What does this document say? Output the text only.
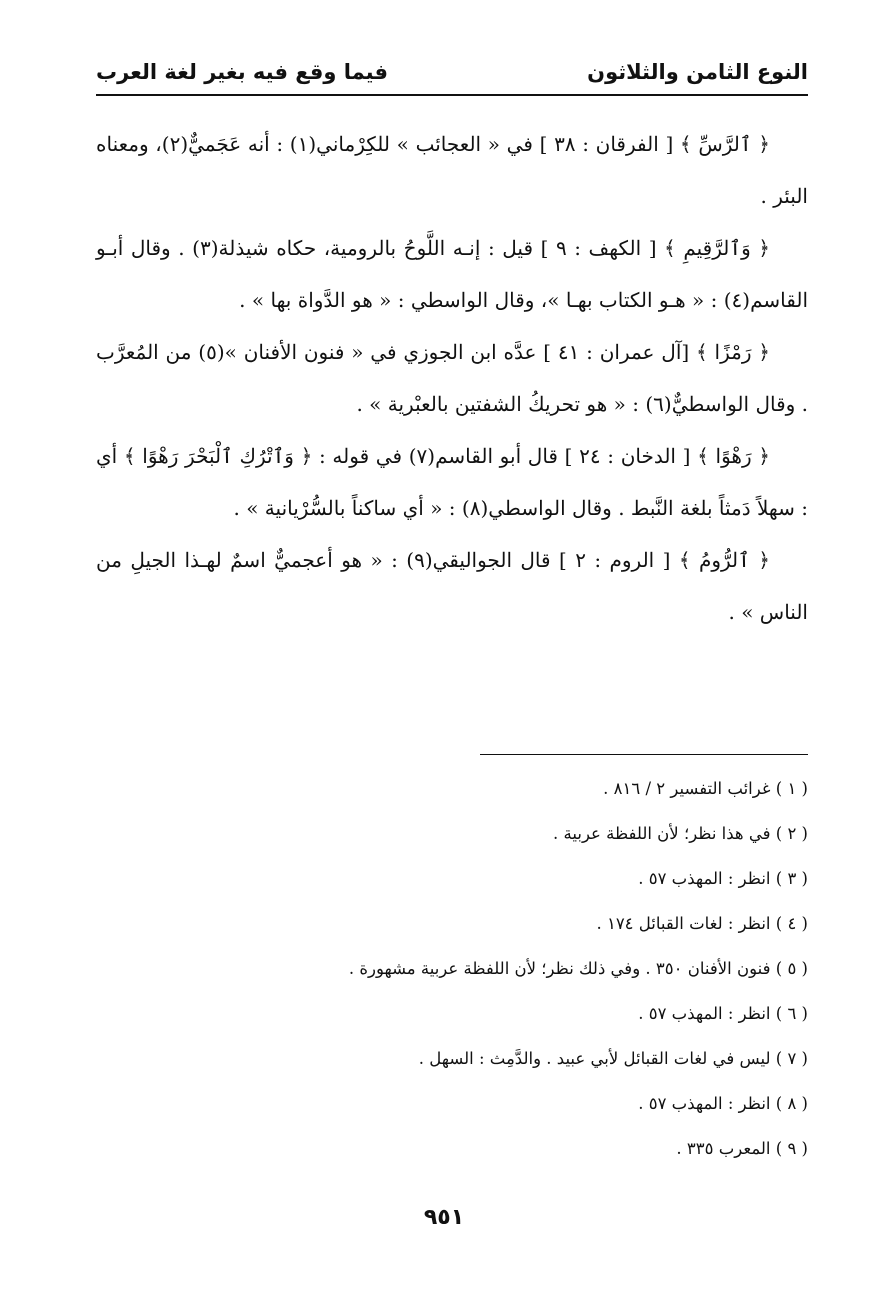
النوع الثامن والثلاثون
فيما وقع فيه بغير لغة العرب

﴿ ٱلرَّسِّ ﴾ [ الفرقان : ٣٨ ] في « العجائب » للكِرْماني(١) : أنه عَجَميٌّ(٢)، ومعناه البئر .

﴿ وَٱلرَّقِيمِ ﴾ [ الكهف : ٩ ] قيل : إنـه اللَّوحُ بالرومية، حكاه شيذلة(٣) . وقال أبـو القاسم(٤) : « هـو الكتاب بهـا »، وقال الواسطي : « هو الدَّواة بها » .

﴿ رَمْزًا ﴾ [آل عمران : ٤١ ] عدَّه ابن الجوزي في « فنون الأفنان »(٥) من المُعرَّب . وقال الواسطيٌّ(٦) : « هو تحريكُ الشفتين بالعبْرية » .

﴿ رَهْوًا ﴾ [ الدخان : ٢٤ ] قال أبو القاسم(٧) في قوله : ﴿ وَٱتْرُكِ ٱلْبَحْرَ رَهْوًا ﴾ أي : سهلاً دَمثاً بلغة النَّبط . وقال الواسطي(٨) : « أي ساكناً بالسُّرْيانية » .

﴿ ٱلرُّومُ ﴾ [ الروم : ٢ ] قال الجواليقي(٩) : « هو أعجميٌّ اسمٌ لهـذا الجيلِ من الناس » .

( ١ ) غرائب التفسير ٢ / ٨١٦ .

( ٢ ) في هذا نظر؛ لأن اللفظة عربية .

( ٣ ) انظر : المهذب ٥٧ .

( ٤ ) انظر : لغات القبائل ١٧٤ .

( ٥ ) فنون الأفنان ٣٥٠ . وفي ذلك نظر؛ لأن اللفظة عربية مشهورة .

( ٦ ) انظر : المهذب ٥٧ .

( ٧ ) ليس في لغات القبائل لأبي عبيد . والدَّمِث : السهل .

( ٨ ) انظر : المهذب ٥٧ .

( ٩ ) المعرب ٣٣٥ .

٩٥١
